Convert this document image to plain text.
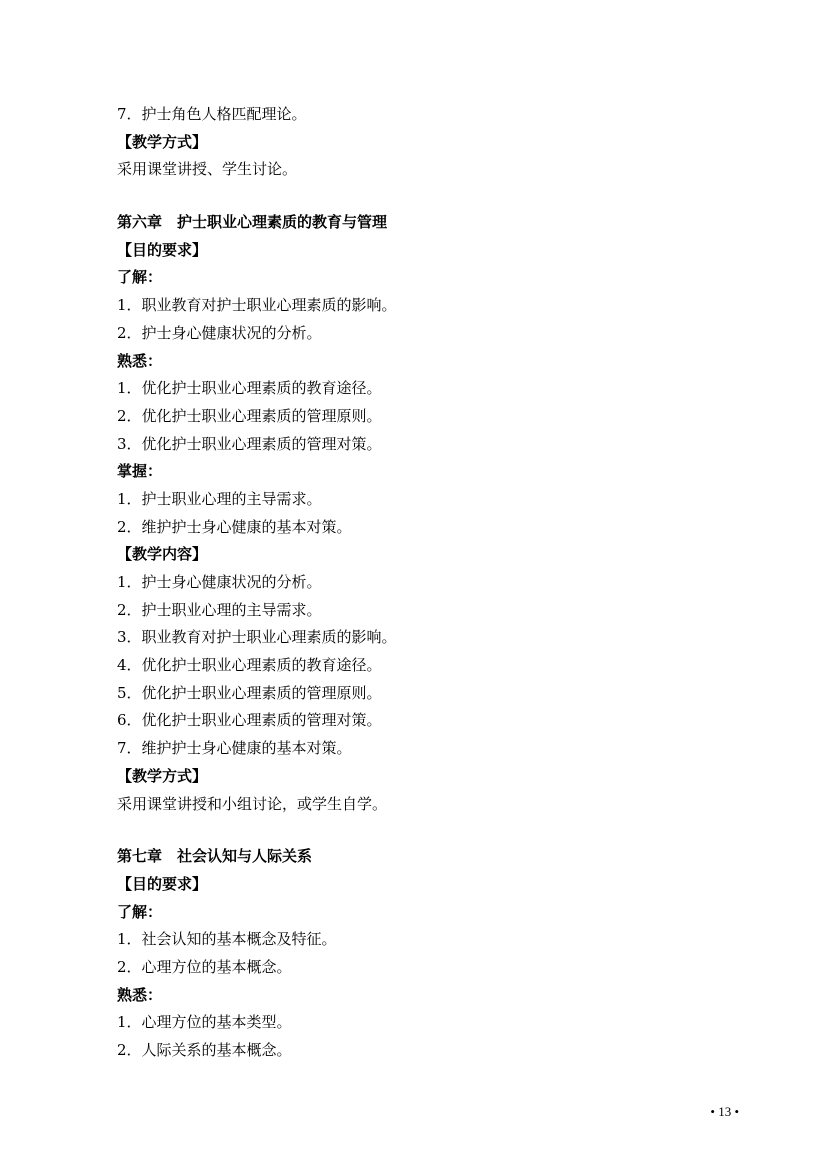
7．护士角色人格匹配理论。
【教学方式】
采用课堂讲授、学生讨论。
第六章　护士职业心理素质的教育与管理
【目的要求】
了解：
1．职业教育对护士职业心理素质的影响。
2．护士身心健康状况的分析。
熟悉：
1．优化护士职业心理素质的教育途径。
2．优化护士职业心理素质的管理原则。
3．优化护士职业心理素质的管理对策。
掌握：
1．护士职业心理的主导需求。
2．维护护士身心健康的基本对策。
【教学内容】
1．护士身心健康状况的分析。
2．护士职业心理的主导需求。
3．职业教育对护士职业心理素质的影响。
4．优化护士职业心理素质的教育途径。
5．优化护士职业心理素质的管理原则。
6．优化护士职业心理素质的管理对策。
7．维护护士身心健康的基本对策。
【教学方式】
采用课堂讲授和小组讨论，或学生自学。
第七章　社会认知与人际关系
【目的要求】
了解：
1．社会认知的基本概念及特征。
2．心理方位的基本概念。
熟悉：
1．心理方位的基本类型。
2．人际关系的基本概念。
• 13 •
